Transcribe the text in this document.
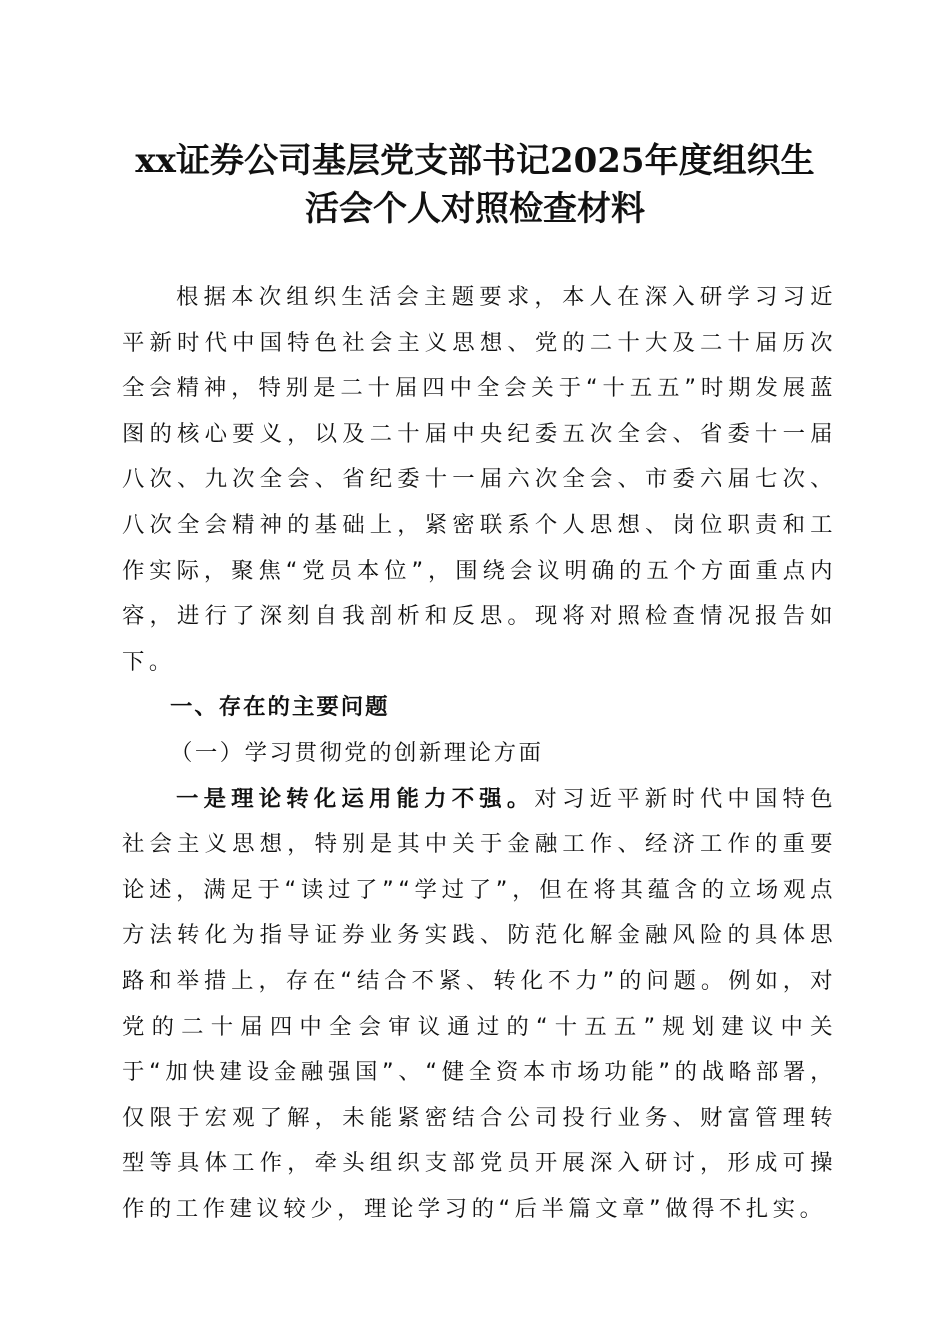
xx证券公司基层党支部书记2025年度组织生
活会个人对照检查材料

根据本次组织生活会主题要求，本人在深入研学习习近平新时代中国特色社会主义思想、党的二十大及二十届历次全会精神，特别是二十届四中全会关于“十五五”时期发展蓝图的核心要义，以及二十届中央纪委五次全会、省委十一届八次、九次全会、省纪委十一届六次全会、市委六届七次、八次全会精神的基础上，紧密联系个人思想、岗位职责和工作实际，聚焦“党员本位”，围绕会议明确的五个方面重点内容，进行了深刻自我剖析和反思。现将对照检查情况报告如下。

一、存在的主要问题
（一）学习贯彻党的创新理论方面

一是理论转化运用能力不强。对习近平新时代中国特色社会主义思想，特别是其中关于金融工作、经济工作的重要论述，满足于“读过了”“学过了”，但在将其蕴含的立场观点方法转化为指导证券业务实践、防范化解金融风险的具体思路和举措上，存在“结合不紧、转化不力”的问题。例如，对党的二十届四中全会审议通过的“十五五”规划建议中关于“加快建设金融强国”、“健全资本市场功能”的战略部署，仅限于宏观了解，未能紧密结合公司投行业务、财富管理转型等具体工作，牵头组织支部党员开展深入研讨，形成可操作的工作建议较少，理论学习的“后半篇文章”做得不扎实。
